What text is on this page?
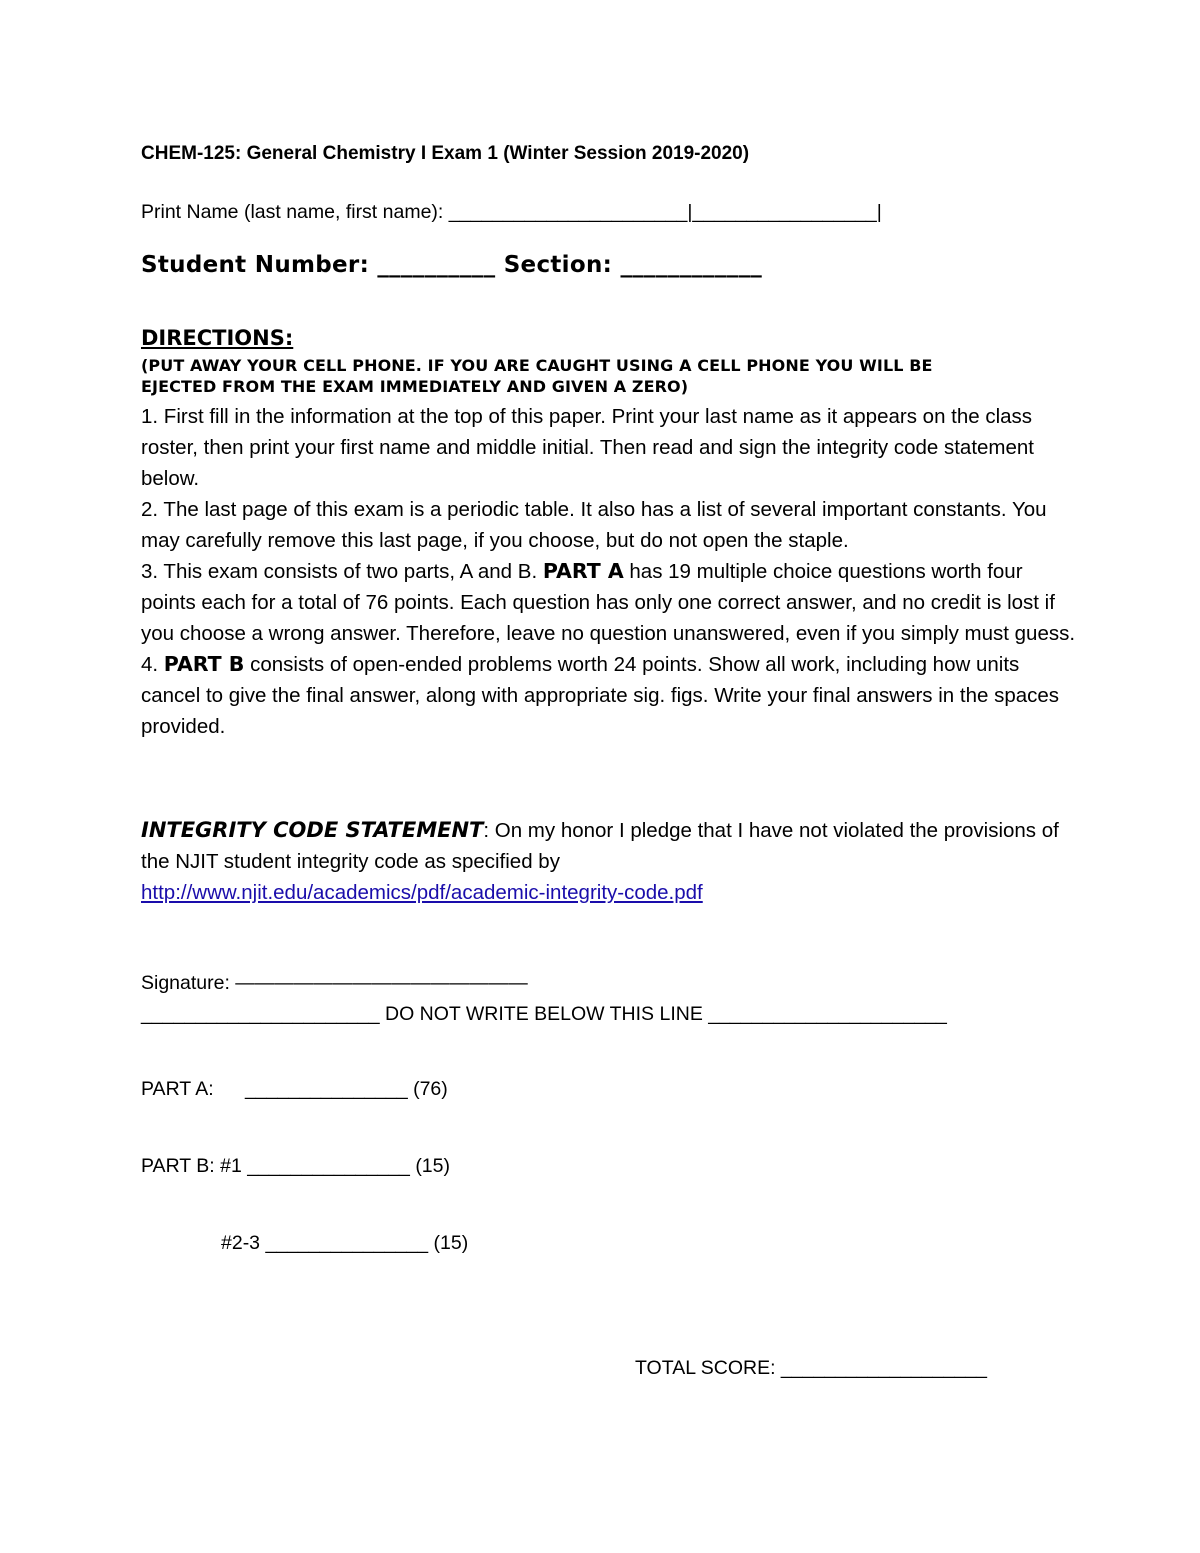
CHEM-125: General Chemistry I Exam 1 (Winter Session 2019-2020)
Print Name (last name, first name): ______________________|_________________|
Student Number: __________ Section: ____________
DIRECTIONS:
(PUT AWAY YOUR CELL PHONE. IF YOU ARE CAUGHT USING A CELL PHONE YOU WILL BE
EJECTED FROM THE EXAM IMMEDIATELY AND GIVEN A ZERO)

1. First fill in the information at the top of this paper. Print your last name as it appears on the class roster, then print your first name and middle initial. Then read and sign the integrity code statement below.

2. The last page of this exam is a periodic table. It also has a list of several important constants. You may carefully remove this last page, if you choose, but do not open the staple.

3. This exam consists of two parts, A and B. PART A has 19 multiple choice questions worth four points each for a total of 76 points. Each question has only one correct answer, and no credit is lost if you choose a wrong answer. Therefore, leave no question unanswered, even if you simply must guess.

4. PART B consists of open-ended problems worth 24 points. Show all work, including how units cancel to give the final answer, along with appropriate sig. figs. Write your final answers in the spaces provided.

INTEGRITY CODE STATEMENT: On my honor I pledge that I have not violated the provisions of the NJIT student integrity code as specified by

http://www.njit.edu/academics/pdf/academic-integrity-code.pdf

Signature: ———————————————
______________________ DO NOT WRITE BELOW THIS LINE ______________________
PART A: _______________ (76)
PART B: #1 _______________ (15)
#2-3 _______________ (15)
TOTAL SCORE: ___________________
